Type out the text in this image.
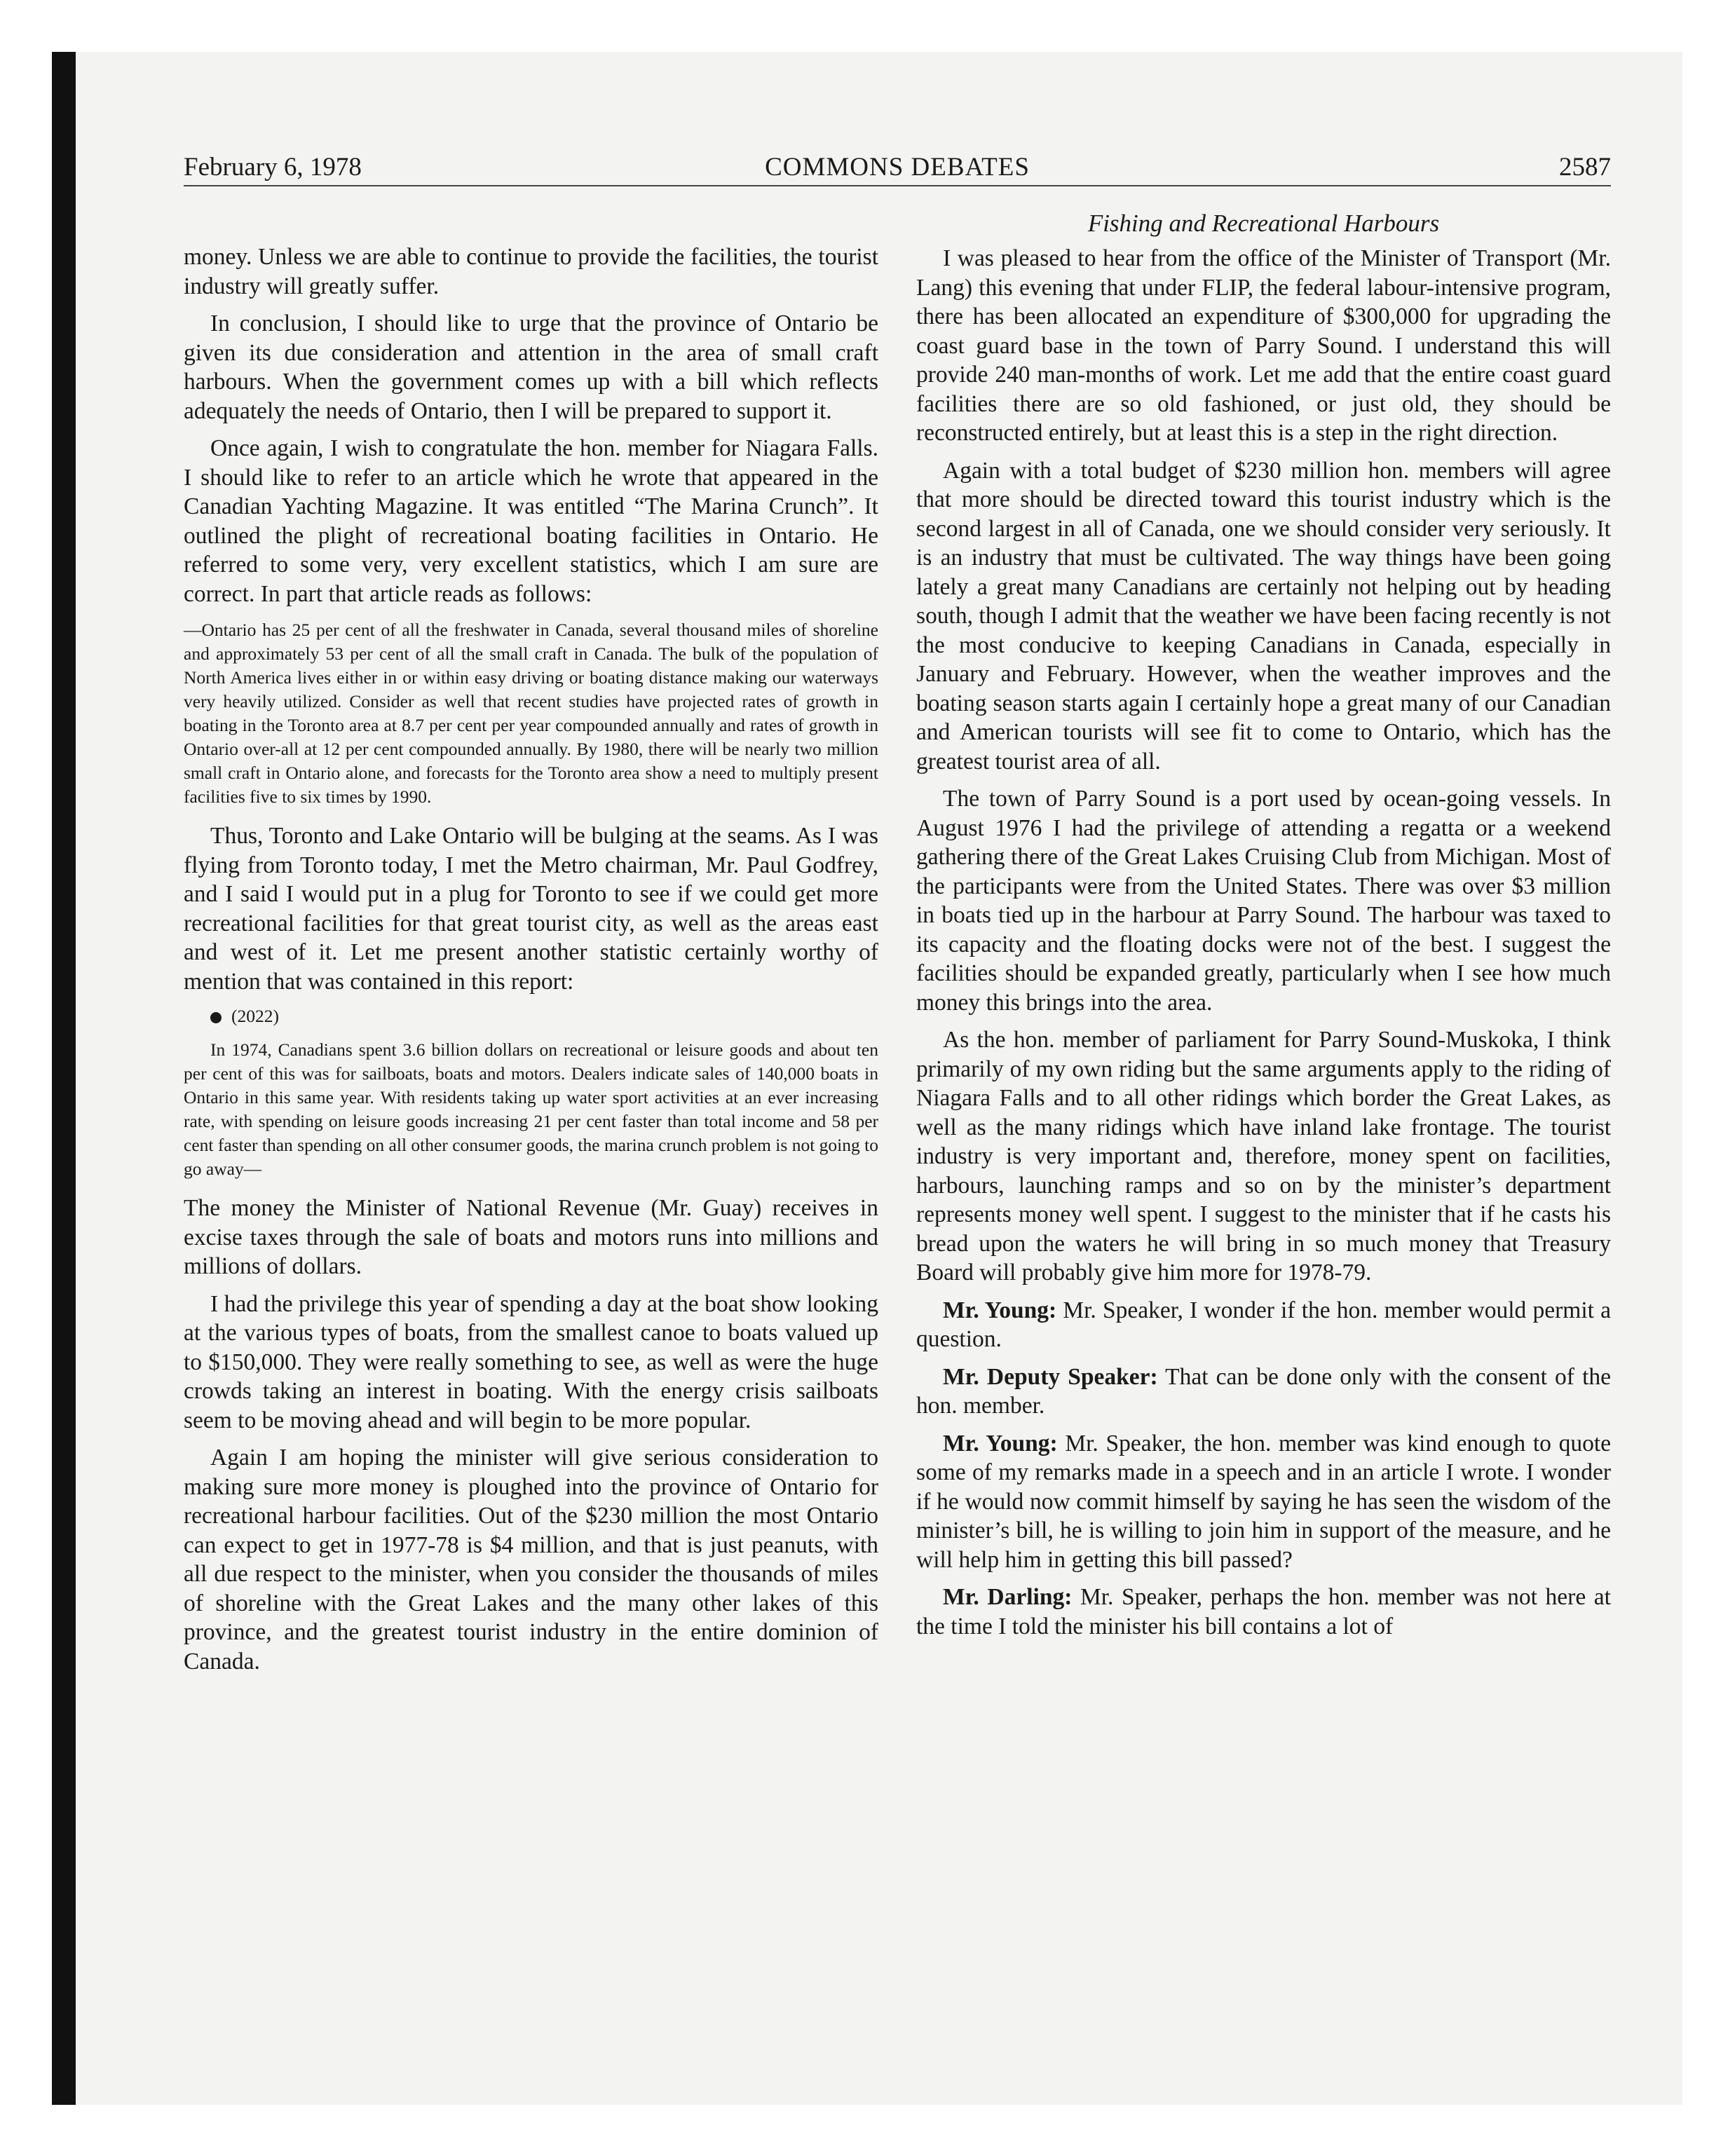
February 6, 1978	COMMONS DEBATES	2587

money. Unless we are able to continue to provide the facilities, the tourist industry will greatly suffer.

In conclusion, I should like to urge that the province of Ontario be given its due consideration and attention in the area of small craft harbours. When the government comes up with a bill which reflects adequately the needs of Ontario, then I will be prepared to support it.

Once again, I wish to congratulate the hon. member for Niagara Falls. I should like to refer to an article which he wrote that appeared in the Canadian Yachting Magazine. It was entitled “The Marina Crunch”. It outlined the plight of recreational boating facilities in Ontario. He referred to some very, very excellent statistics, which I am sure are correct. In part that article reads as follows:

—Ontario has 25 per cent of all the freshwater in Canada, several thousand miles of shoreline and approximately 53 per cent of all the small craft in Canada. The bulk of the population of North America lives either in or within easy driving or boating distance making our waterways very heavily utilized. Consider as well that recent studies have projected rates of growth in boating in the Toronto area at 8.7 per cent per year compounded annually and rates of growth in Ontario over-all at 12 per cent compounded annually. By 1980, there will be nearly two million small craft in Ontario alone, and forecasts for the Toronto area show a need to multiply present facilities five to six times by 1990.

Thus, Toronto and Lake Ontario will be bulging at the seams. As I was flying from Toronto today, I met the Metro chairman, Mr. Paul Godfrey, and I said I would put in a plug for Toronto to see if we could get more recreational facilities for that great tourist city, as well as the areas east and west of it. Let me present another statistic certainly worthy of mention that was contained in this report:

(2022)

In 1974, Canadians spent 3.6 billion dollars on recreational or leisure goods and about ten per cent of this was for sailboats, boats and motors. Dealers indicate sales of 140,000 boats in Ontario in this same year. With residents taking up water sport activities at an ever increasing rate, with spending on leisure goods increasing 21 per cent faster than total income and 58 per cent faster than spending on all other consumer goods, the marina crunch problem is not going to go away—

The money the Minister of National Revenue (Mr. Guay) receives in excise taxes through the sale of boats and motors runs into millions and millions of dollars.

I had the privilege this year of spending a day at the boat show looking at the various types of boats, from the smallest canoe to boats valued up to $150,000. They were really something to see, as well as were the huge crowds taking an interest in boating. With the energy crisis sailboats seem to be moving ahead and will begin to be more popular.

Again I am hoping the minister will give serious consideration to making sure more money is ploughed into the province of Ontario for recreational harbour facilities. Out of the $230 million the most Ontario can expect to get in 1977-78 is $4 million, and that is just peanuts, with all due respect to the minister, when you consider the thousands of miles of shoreline with the Great Lakes and the many other lakes of this province, and the greatest tourist industry in the entire dominion of Canada.

Fishing and Recreational Harbours

I was pleased to hear from the office of the Minister of Transport (Mr. Lang) this evening that under FLIP, the federal labour-intensive program, there has been allocated an expenditure of $300,000 for upgrading the coast guard base in the town of Parry Sound. I understand this will provide 240 man-months of work. Let me add that the entire coast guard facilities there are so old fashioned, or just old, they should be reconstructed entirely, but at least this is a step in the right direction.

Again with a total budget of $230 million hon. members will agree that more should be directed toward this tourist industry which is the second largest in all of Canada, one we should consider very seriously. It is an industry that must be cultivated. The way things have been going lately a great many Canadians are certainly not helping out by heading south, though I admit that the weather we have been facing recently is not the most conducive to keeping Canadians in Canada, especially in January and February. However, when the weather improves and the boating season starts again I certainly hope a great many of our Canadian and American tourists will see fit to come to Ontario, which has the greatest tourist area of all.

The town of Parry Sound is a port used by ocean-going vessels. In August 1976 I had the privilege of attending a regatta or a weekend gathering there of the Great Lakes Cruising Club from Michigan. Most of the participants were from the United States. There was over $3 million in boats tied up in the harbour at Parry Sound. The harbour was taxed to its capacity and the floating docks were not of the best. I suggest the facilities should be expanded greatly, particularly when I see how much money this brings into the area.

As the hon. member of parliament for Parry Sound-Muskoka, I think primarily of my own riding but the same arguments apply to the riding of Niagara Falls and to all other ridings which border the Great Lakes, as well as the many ridings which have inland lake frontage. The tourist industry is very important and, therefore, money spent on facilities, harbours, launching ramps and so on by the minister’s department represents money well spent. I suggest to the minister that if he casts his bread upon the waters he will bring in so much money that Treasury Board will probably give him more for 1978-79.

Mr. Young: Mr. Speaker, I wonder if the hon. member would permit a question.

Mr. Deputy Speaker: That can be done only with the consent of the hon. member.

Mr. Young: Mr. Speaker, the hon. member was kind enough to quote some of my remarks made in a speech and in an article I wrote. I wonder if he would now commit himself by saying he has seen the wisdom of the minister’s bill, he is willing to join him in support of the measure, and he will help him in getting this bill passed?

Mr. Darling: Mr. Speaker, perhaps the hon. member was not here at the time I told the minister his bill contains a lot of
